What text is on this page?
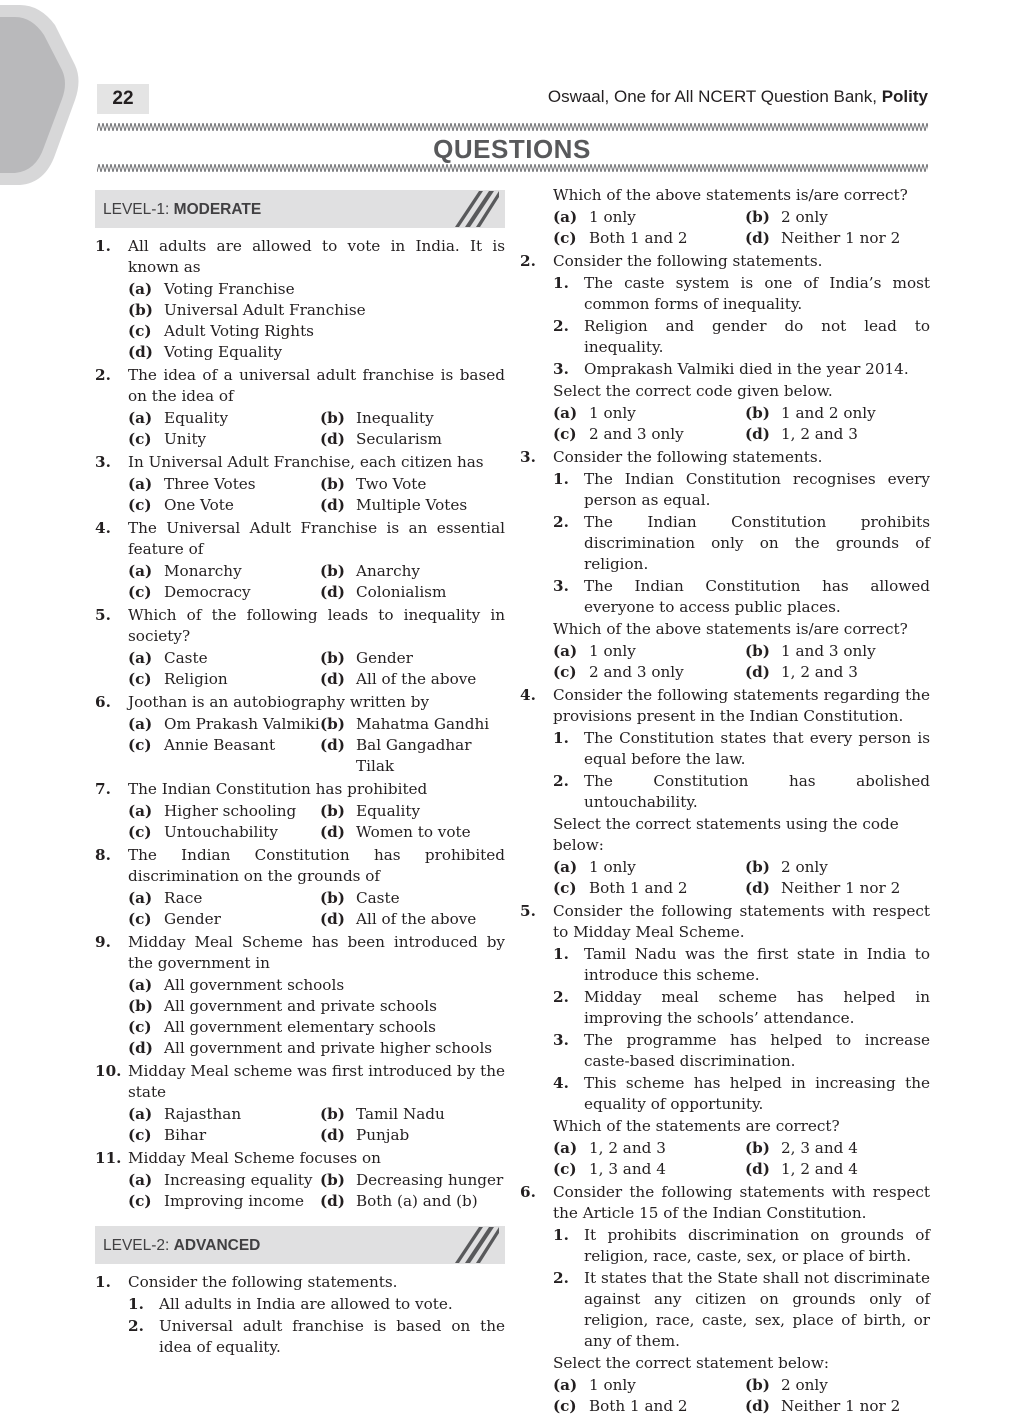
22	Oswaal, One for All NCERT Question Bank, Polity
QUESTIONS
LEVEL-1: MODERATE
1.	All adults are allowed to vote in India. It is known as
(a) Voting Franchise
(b) Universal Adult Franchise
(c) Adult Voting Rights
(d) Voting Equality
2.	The idea of a universal adult franchise is based on the idea of
(a) Equality	(b) Inequality
(c) Unity	(d) Secularism
3.	In Universal Adult Franchise, each citizen has
(a) Three Votes	(b) Two Vote
(c) One Vote	(d) Multiple Votes
4.	The Universal Adult Franchise is an essential feature of
(a) Monarchy	(b) Anarchy
(c) Democracy	(d) Colonialism
5.	Which of the following leads to inequality in society?
(a) Caste	(b) Gender
(c) Religion	(d) All of the above
6.	Joothan is an autobiography written by
(a) Om Prakash Valmiki (b) Mahatma Gandhi
(c) Annie Beasant	(d) Bal Gangadhar Tilak
7.	The Indian Constitution has prohibited
(a) Higher schooling (b) Equality
(c) Untouchability	(d) Women to vote
8.	The Indian Constitution has prohibited discrimination on the grounds of
(a) Race	(b) Caste
(c) Gender	(d) All of the above
9.	Midday Meal Scheme has been introduced by the government in
(a) All government schools
(b) All government and private schools
(c) All government elementary schools
(d) All government and private higher schools
10. Midday Meal scheme was first introduced by the state
(a) Rajasthan	(b) Tamil Nadu
(c) Bihar	(d) Punjab
11. Midday Meal Scheme focuses on
(a) Increasing equality (b) Decreasing hunger
(c) Improving income (d) Both (a) and (b)
LEVEL-2: ADVANCED
1.	Consider the following statements.
1. All adults in India are allowed to vote.
2. Universal adult franchise is based on the idea of equality.
Which of the above statements is/are correct?
(a) 1 only	(b) 2 only
(c) Both 1 and 2	(d) Neither 1 nor 2
2.	Consider the following statements.
1. The caste system is one of India’s most common forms of inequality.
2. Religion and gender do not lead to inequality.
3. Omprakash Valmiki died in the year 2014.
Select the correct code given below.
(a) 1 only	(b) 1 and 2 only
(c) 2 and 3 only	(d) 1, 2 and 3
3.	Consider the following statements.
1. The Indian Constitution recognises every person as equal.
2. The Indian Constitution prohibits discrimination only on the grounds of religion.
3. The Indian Constitution has allowed everyone to access public places.
Which of the above statements is/are correct?
(a) 1 only	(b) 1 and 3 only
(c) 2 and 3 only	(d) 1, 2 and 3
4.	Consider the following statements regarding the provisions present in the Indian Constitution.
1. The Constitution states that every person is equal before the law.
2. The Constitution has abolished untouchability.
Select the correct statements using the code below:
(a) 1 only	(b) 2 only
(c) Both 1 and 2	(d) Neither 1 nor 2
5.	Consider the following statements with respect to Midday Meal Scheme.
1. Tamil Nadu was the first state in India to introduce this scheme.
2. Midday meal scheme has helped in improving the schools’ attendance.
3. The programme has helped to increase caste-based discrimination.
4. This scheme has helped in increasing the equality of opportunity.
Which of the statements are correct?
(a) 1, 2 and 3	(b) 2, 3 and 4
(c) 1, 3 and 4	(d) 1, 2 and 4
6.	Consider the following statements with respect the Article 15 of the Indian Constitution.
1. It prohibits discrimination on grounds of religion, race, caste, sex, or place of birth.
2. It states that the State shall not discriminate against any citizen on grounds only of religion, race, caste, sex, place of birth, or any of them.
Select the correct statement below:
(a) 1 only	(b) 2 only
(c) Both 1 and 2	(d) Neither 1 nor 2
